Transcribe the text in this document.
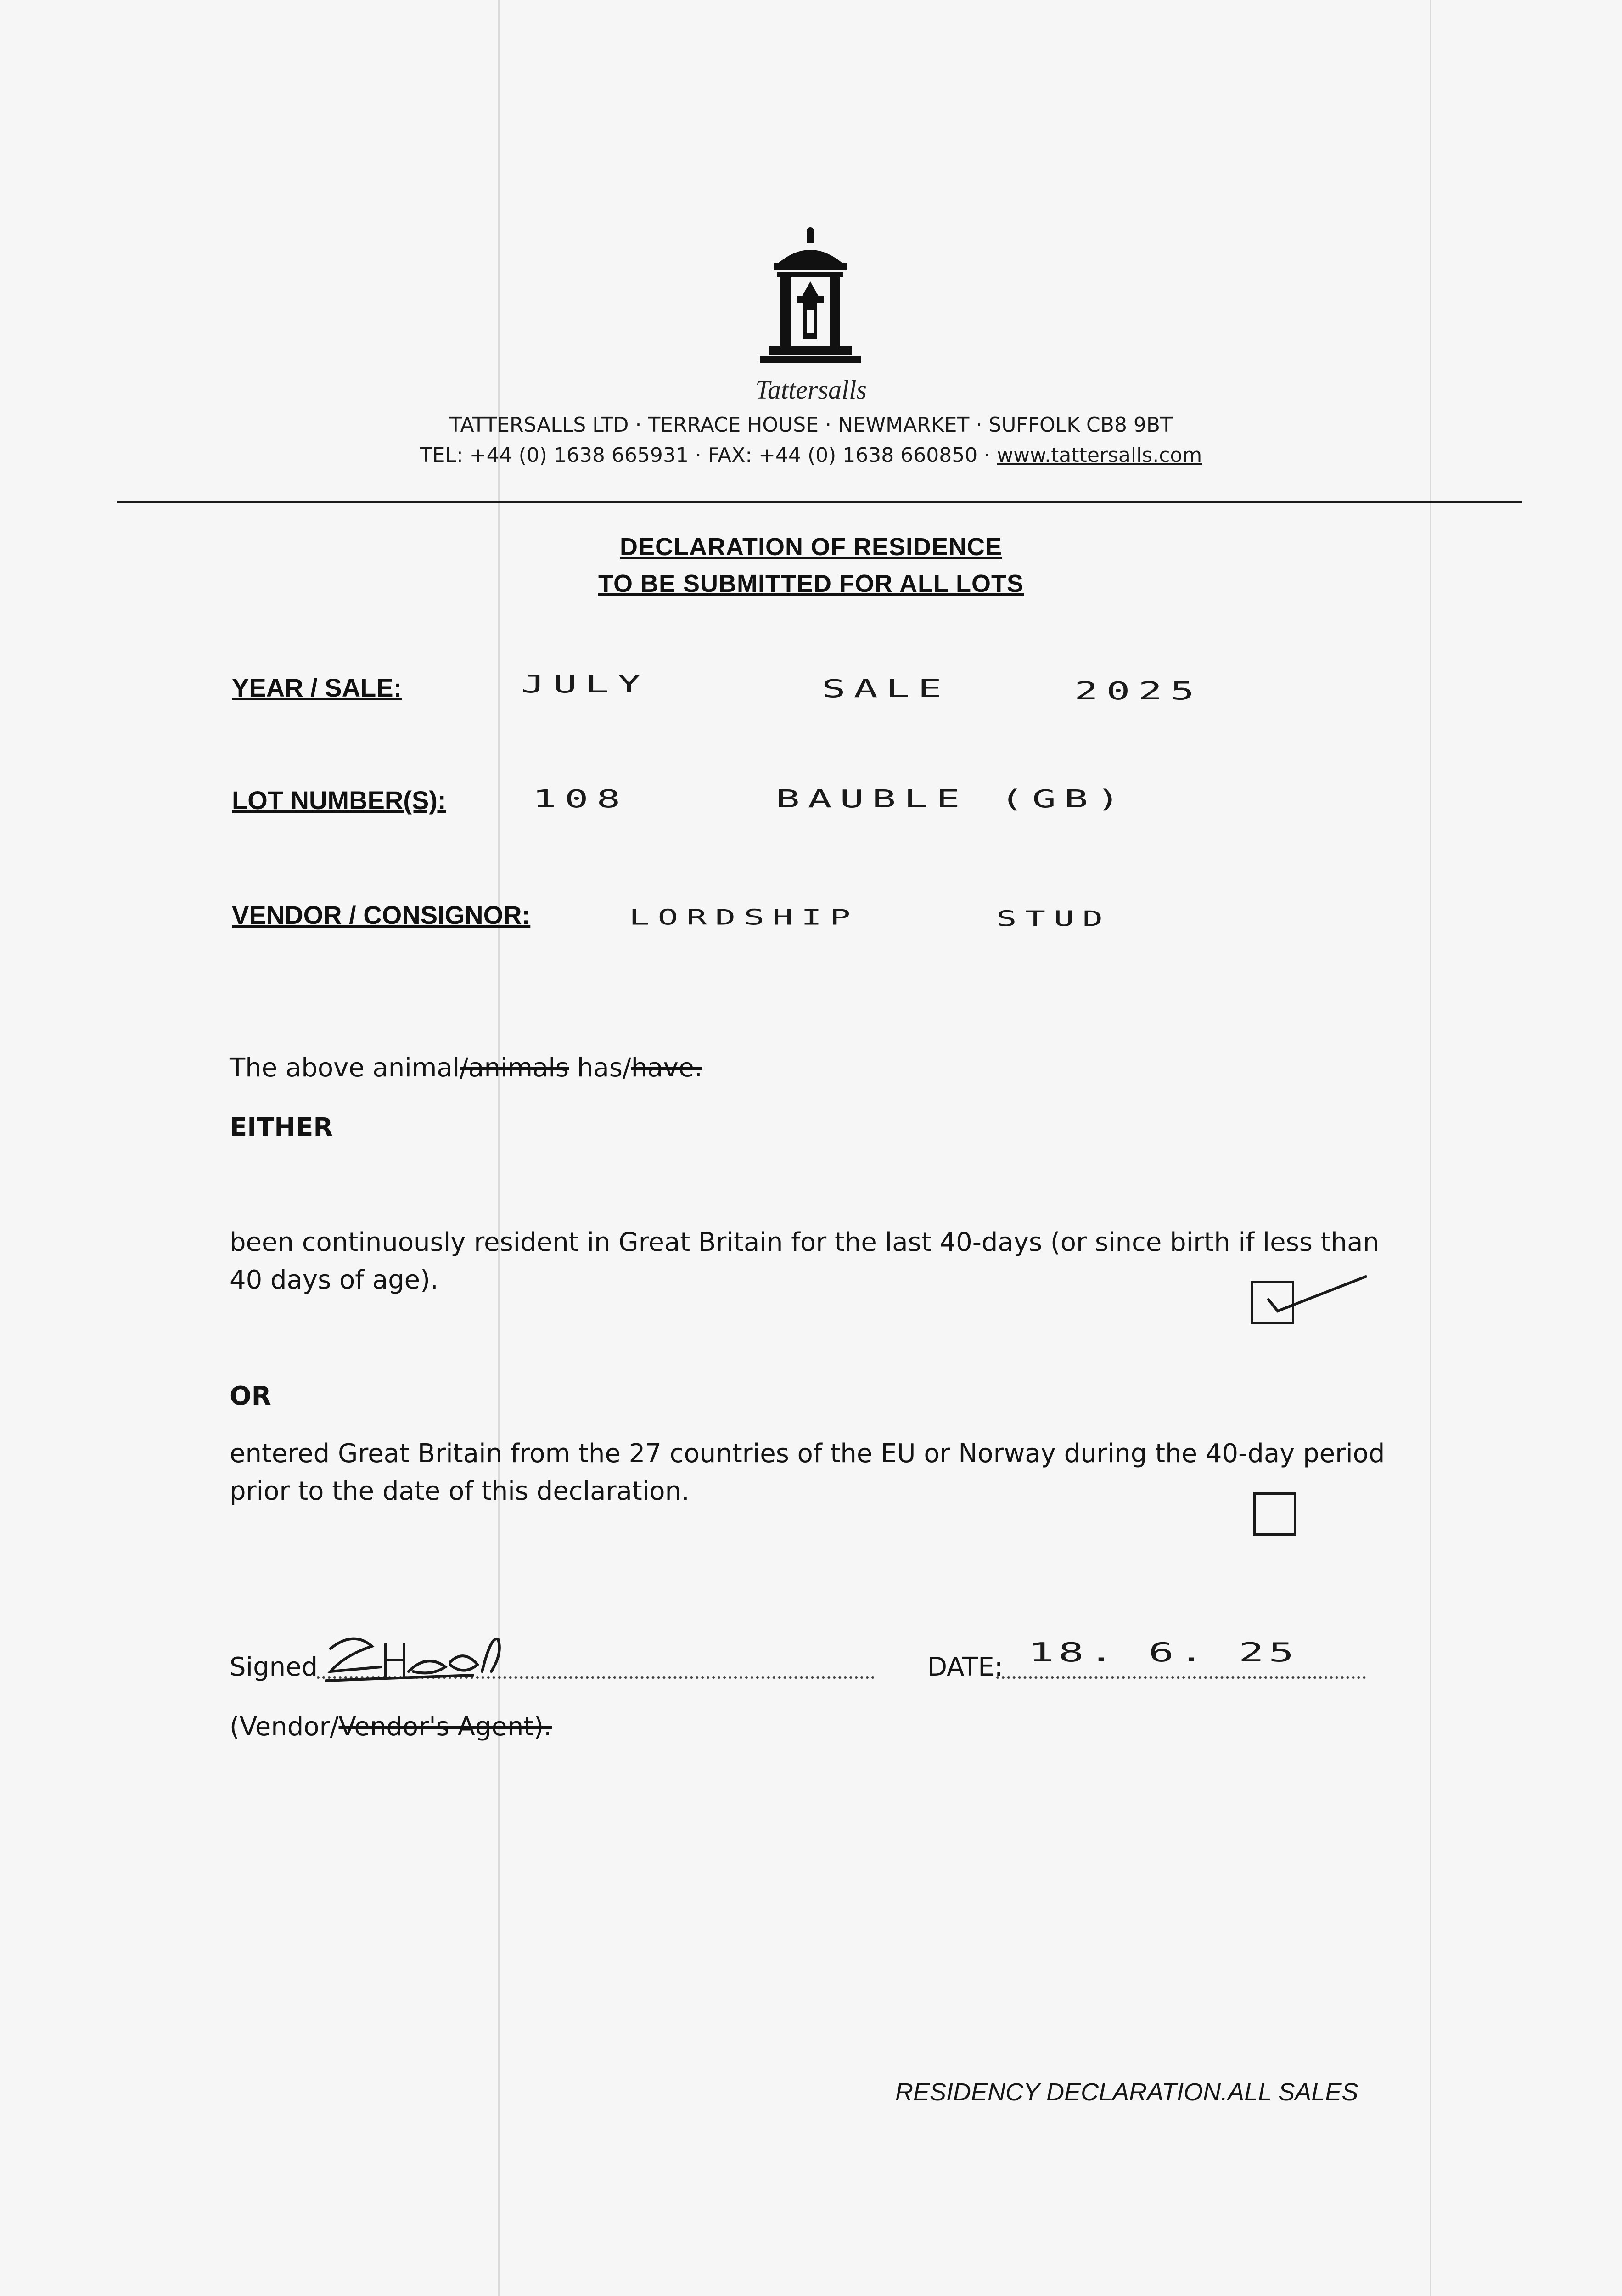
Tattersalls
TATTERSALLS LTD · TERRACE HOUSE · NEWMARKET · SUFFOLK CB8 9BT
TEL: +44 (0) 1638 665931 · FAX: +44 (0) 1638 660850 · www.tattersalls.com
DECLARATION OF RESIDENCE
TO BE SUBMITTED FOR ALL LOTS
YEAR / SALE:	JULY	SALE	2025
LOT NUMBER(S): 108	BAUBLE (GB)
VENDOR / CONSIGNOR:	LORDSHIP	STUD
The above animal/animals has/have.
EITHER
been continuously resident in Great Britain for the last 40-days (or since birth if less than 40 days of age).
OR
entered Great Britain from the 27 countries of the EU or Norway during the 40-day period prior to the date of this declaration.
Signed	DATE: 18. 6. 25
(Vendor/Vendor's Agent).
RESIDENCY DECLARATION.ALL SALES
